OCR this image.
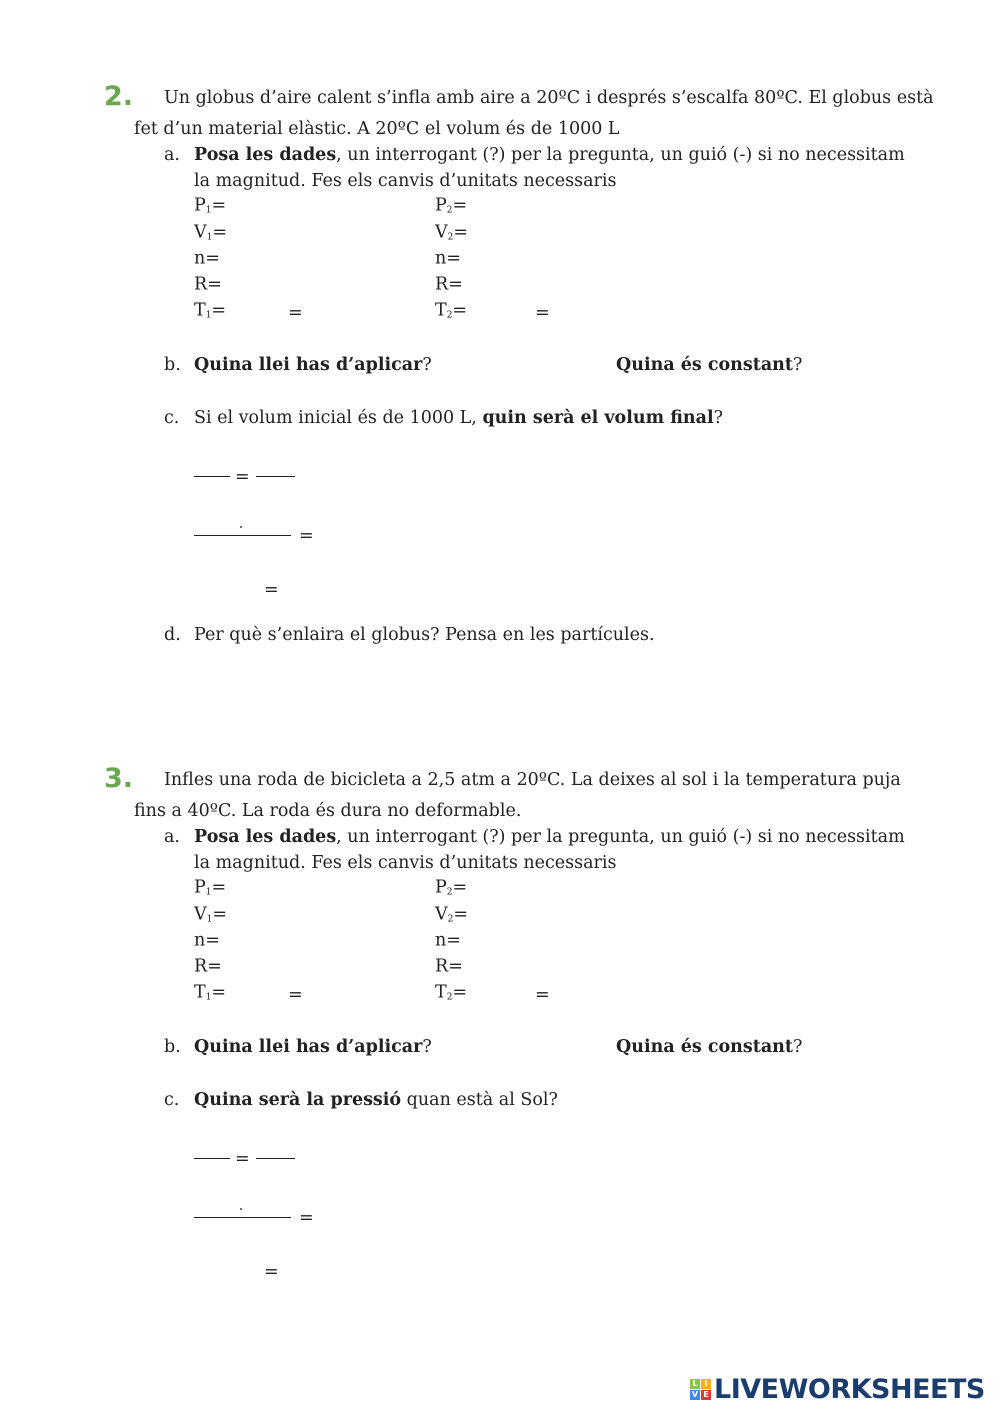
L I
V E LIVEWORKSHEETS
2. Un globus d’aire calent s’infla amb aire a 20ºC i després s’escalfa 80ºC. El globus està
fet d’un material elàstic. A 20ºC el volum és de 1000 L
a. Posa les dades, un interrogant (?) per la pregunta, un guió (-) si no necessitam
la magnitud. Fes els canvis d’unitats necessaris
$P_1=$	$P_2=$
$V_1=$	$V_2=$
n=	n=
R=	R=
$T_1=$	$T_2=$
=	=
b. Quina llei has d’aplicar?	Quina és constant?
c. Si el volum inicial és de 1000 L, quin serà el volum final?
=
=
=
d. Per què s’enlaira el globus? Pensa en les partícules.
3. Infles una roda de bicicleta a 2,5 atm a 20ºC. La deixes al sol i la temperatura puja
fins a 40ºC. La roda és dura no deformable.
a. Posa les dades, un interrogant (?) per la pregunta, un guió (-) si no necessitam
la magnitud. Fes els canvis d’unitats necessaris
$P_1=$	$P_2=$
$V_1=$	$V_2=$
n=	n=
R=	R=
$T_1=$	$T_2=$
=	=
b. Quina llei has d’aplicar?	Quina és constant?
c. Quina serà la pressió quan està al Sol?
=
=
=
